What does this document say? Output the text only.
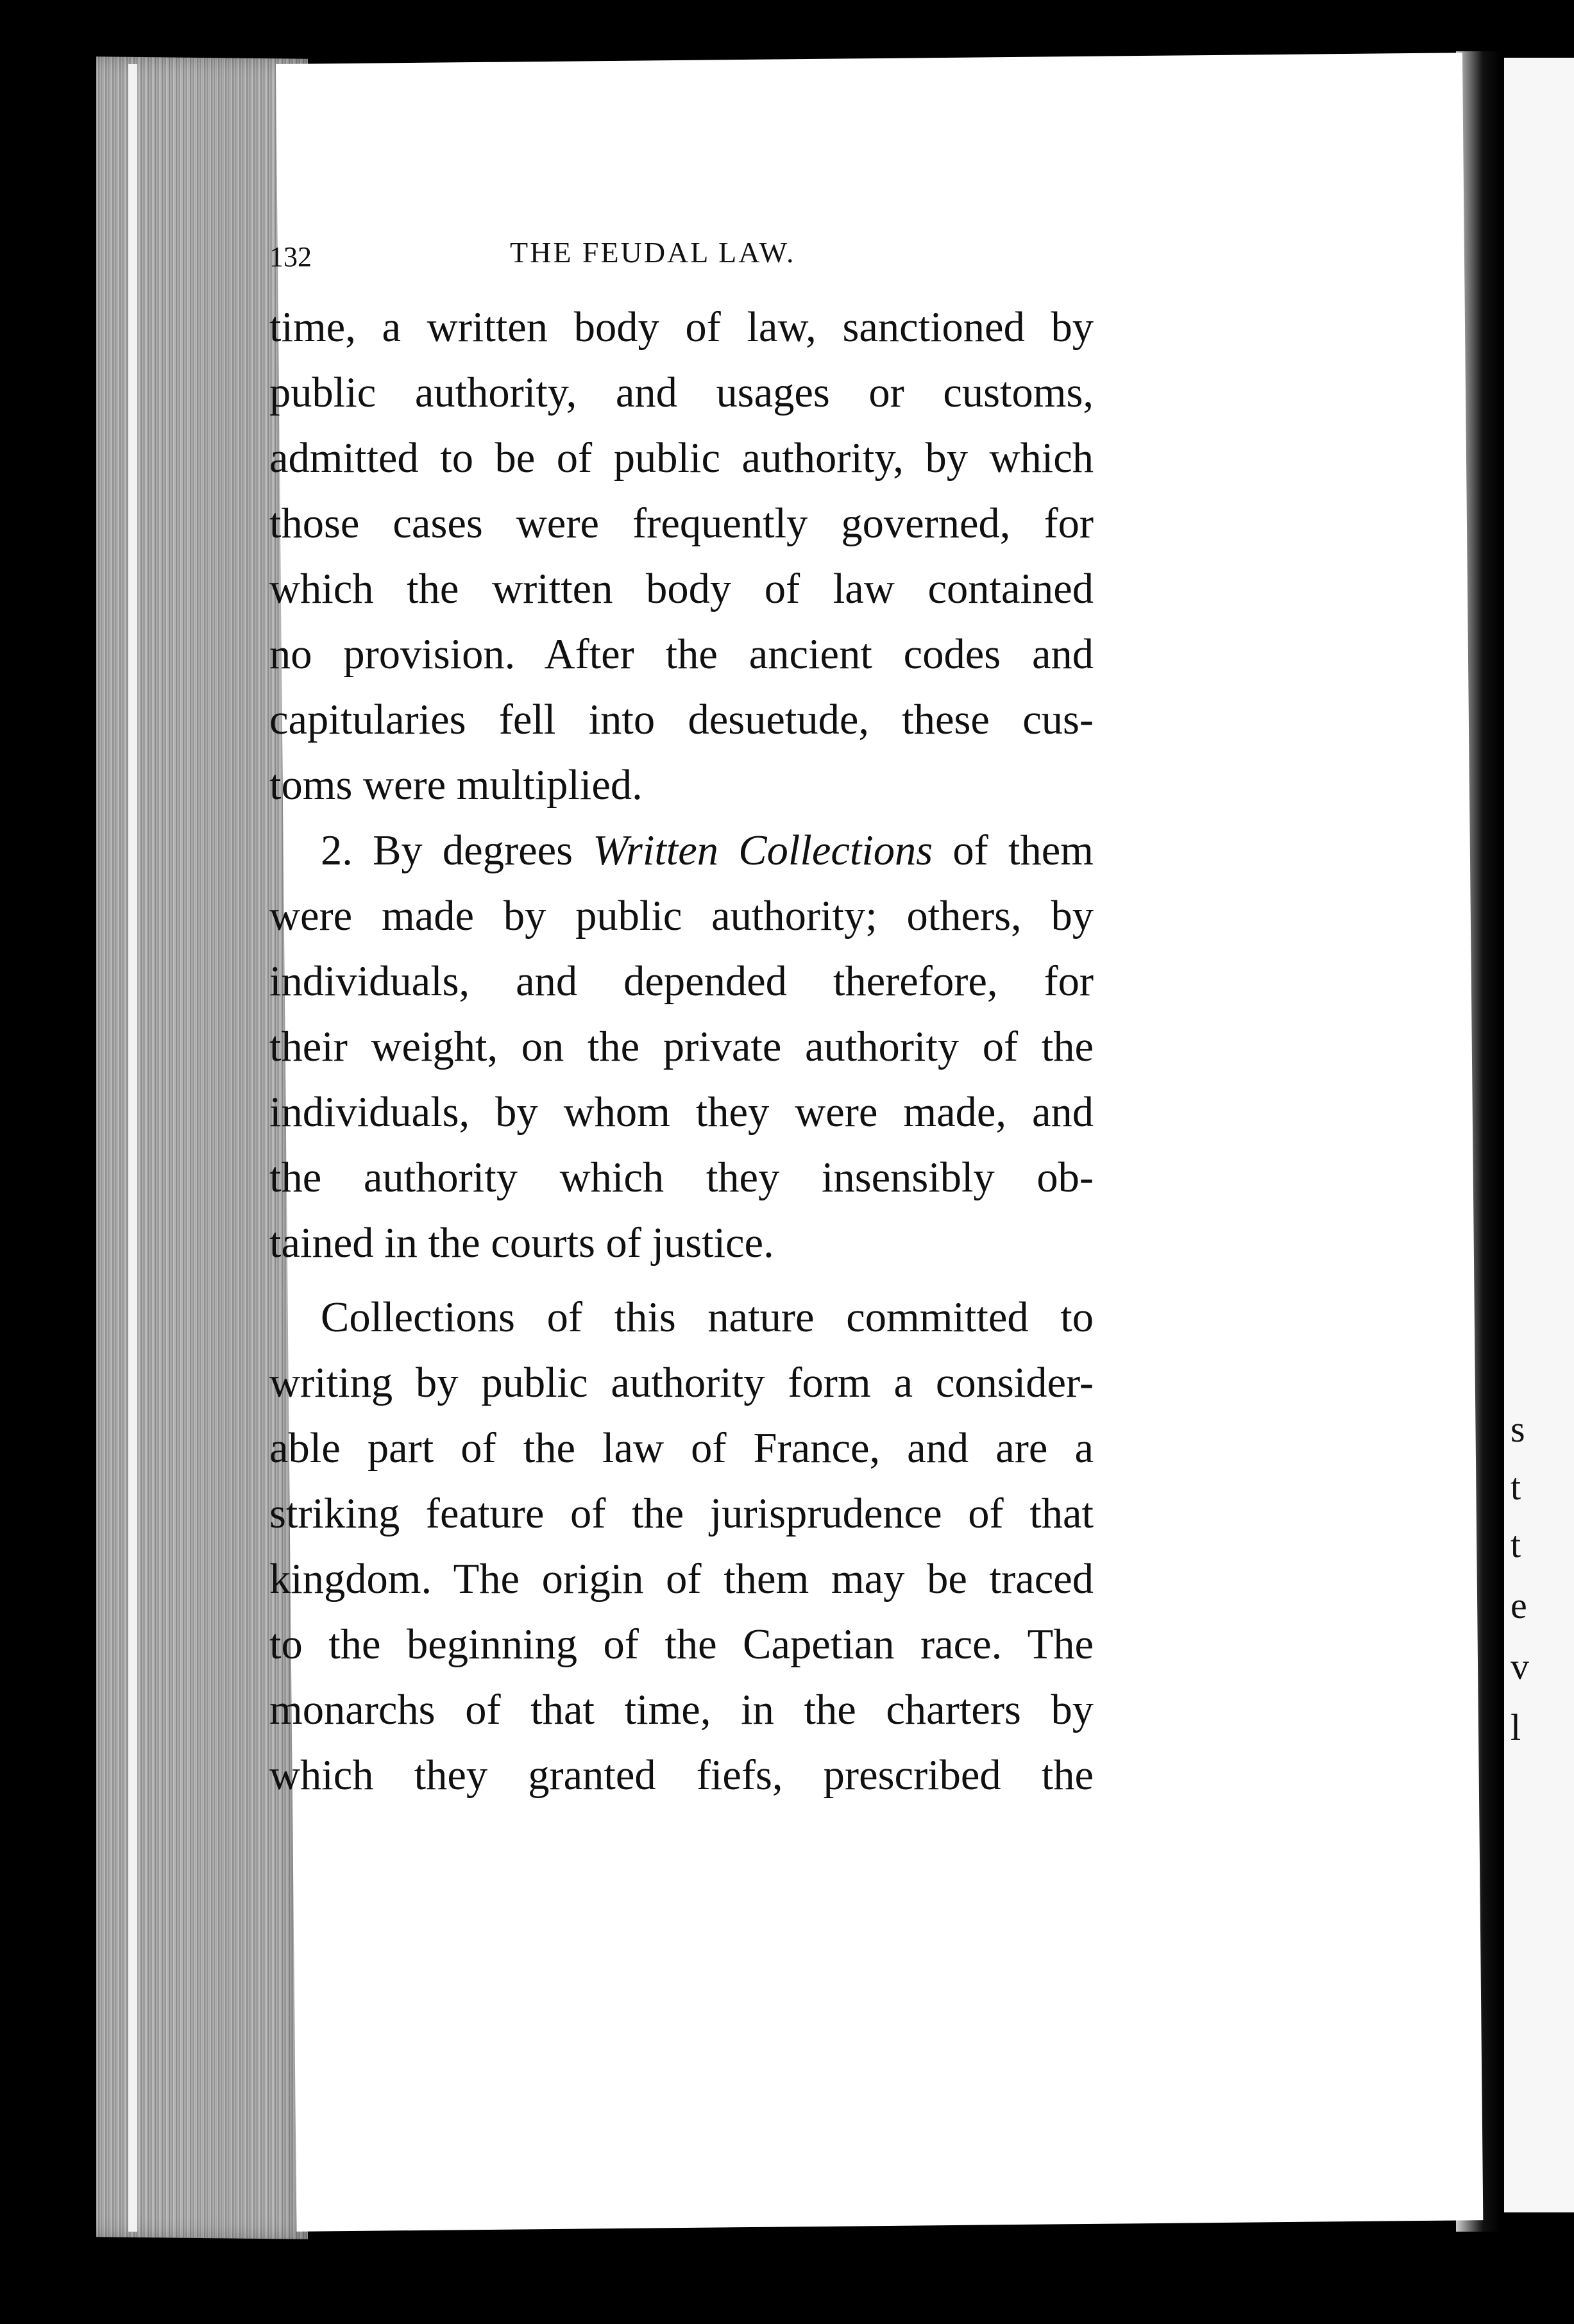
s
t
t
e
v
l
132	THE FEUDAL LAW.
time, a written body of law, sanctioned by
public authority, and usages or customs,
admitted to be of public authority, by which
those cases were frequently governed, for
which the written body of law contained
no provision. After the ancient codes and
capitularies fell into desuetude, these cus-
toms were multiplied.
2. By degrees Written Collections of them
were made by public authority; others, by
individuals, and depended therefore, for
their weight, on the private authority of the
individuals, by whom they were made, and
the authority which they insensibly ob-
tained in the courts of justice.
Collections of this nature committed to
writing by public authority form a consider-
able part of the law of France, and are a
striking feature of the jurisprudence of that
kingdom. The origin of them may be traced
to the beginning of the Capetian race. The
monarchs of that time, in the charters by
which they granted fiefs, prescribed the
